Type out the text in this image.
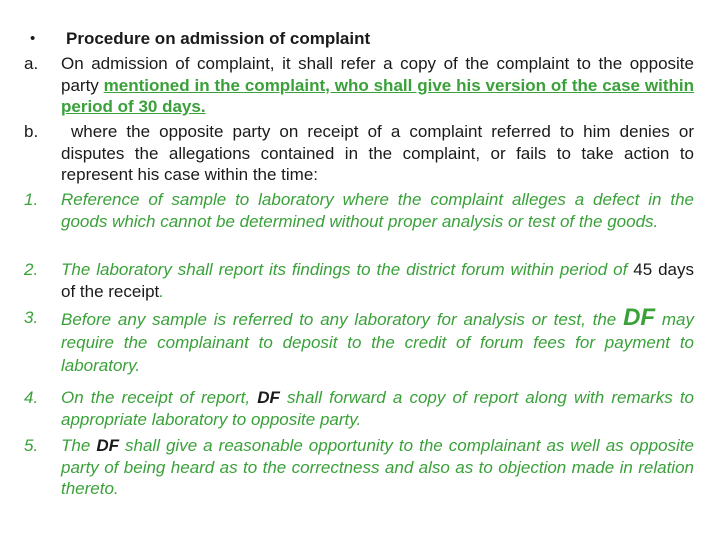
•	Procedure on admission of complaint
a.	On admission of complaint, it shall refer a copy of the complaint to the opposite party mentioned in the complaint, who shall give his version of the case within period of 30 days.
b.	where the opposite party on receipt of a complaint referred to him denies or disputes the allegations contained in the complaint, or fails to take action to represent his case within the time:
1.	Reference of sample to laboratory where the complaint alleges a defect in the goods which cannot be determined without proper analysis or test of the goods.
2.	The laboratory shall report its findings to the district forum within period of 45 days of the receipt.
3.	Before any sample is referred to any laboratory for analysis or test, the DF may require the complainant to deposit to the credit of forum fees for payment to laboratory.
4.	On the receipt of report, DF shall forward a copy of report along with remarks to appropriate laboratory to opposite party.
5.	The DF shall give a reasonable opportunity to the complainant as well as opposite party of being heard as to the correctness and also as to objection made in relation thereto.
